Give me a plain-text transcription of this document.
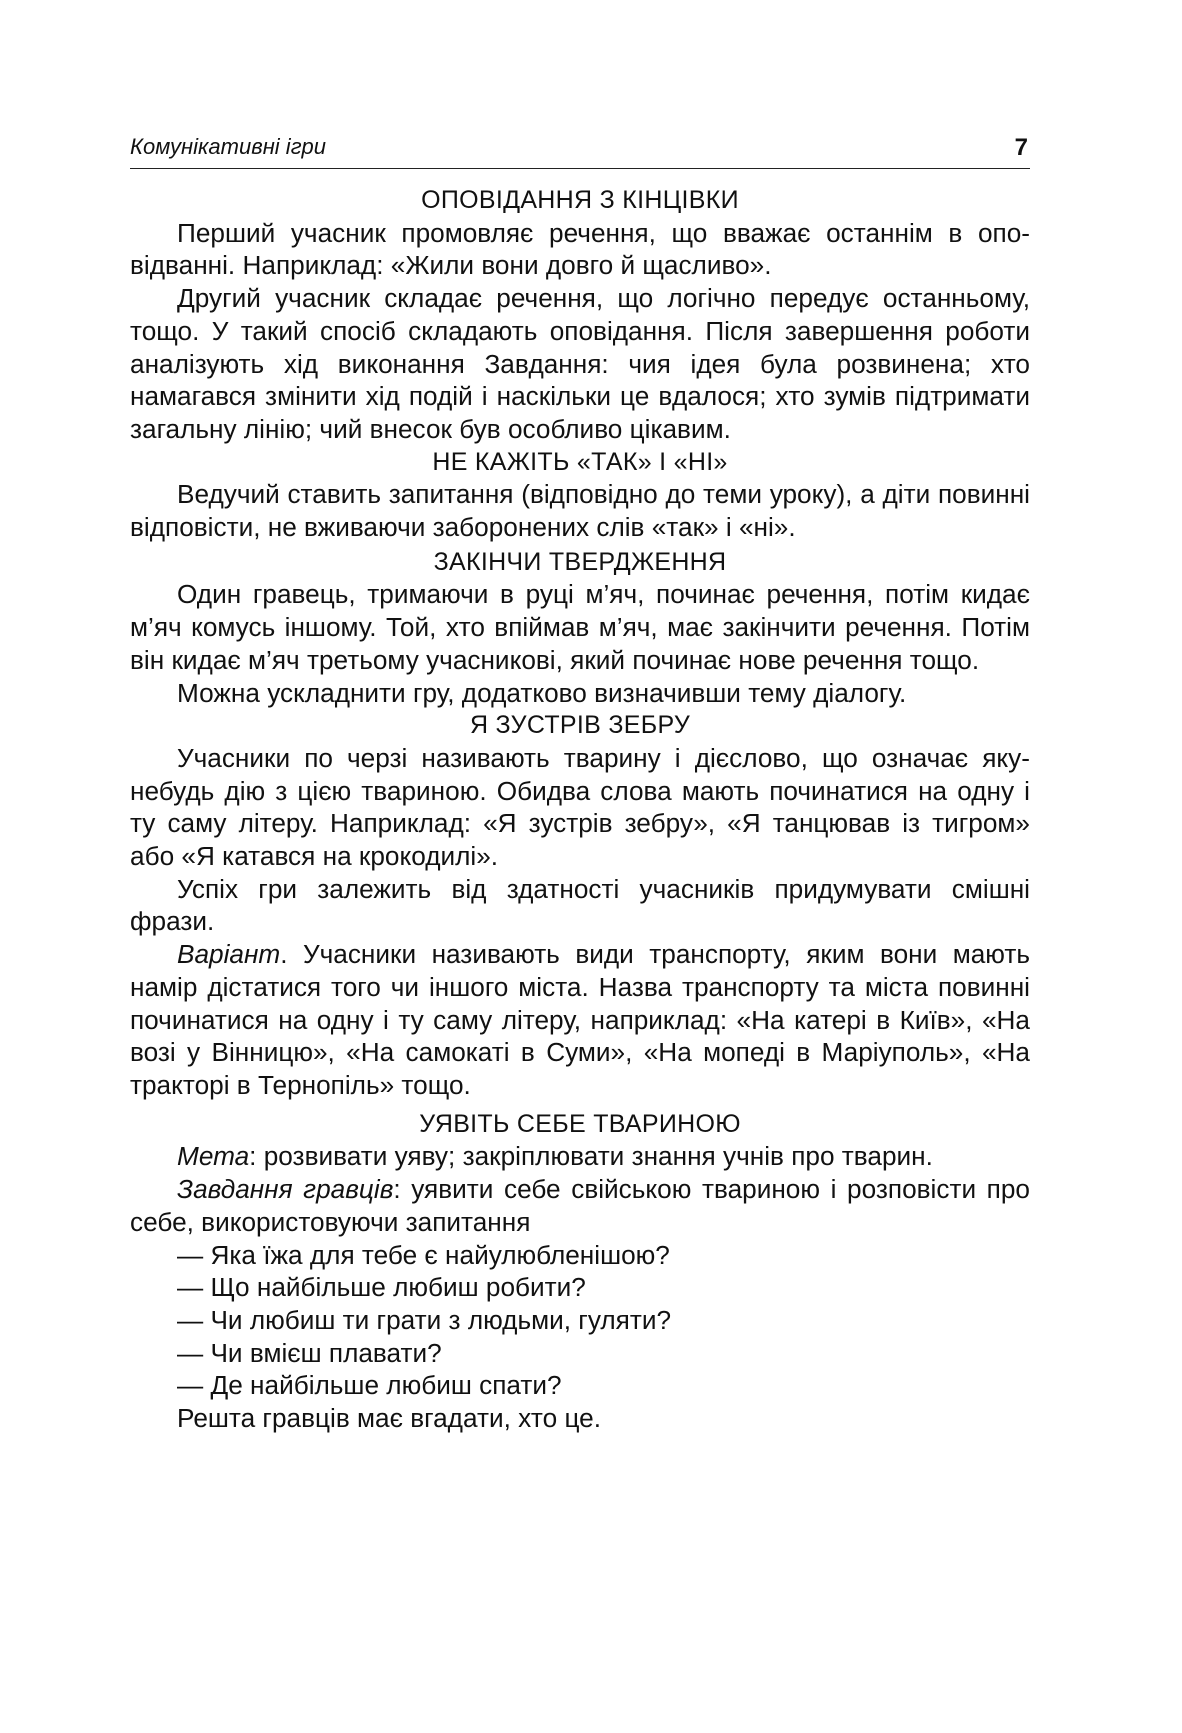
Комунікативні ігри	7
ОПОВІДАННЯ З КІНЦІВКИ

Перший учасник промовляє речення, що вважає останнім в оповідванні. Наприклад: «Жили вони довго й щасливо».

Другий учасник складає речення, що логічно передує останньому, тощо. У такий спосіб складають оповідання. Після завершення роботи аналізують хід виконання Завдання: чия ідея була розвинена; хто намагався змінити хід подій і наскільки це вдалося; хто зумів підтримати загальну лінію; чий внесок був особливо цікавим.

НЕ КАЖІТЬ «ТАК» І «НІ»

Ведучий ставить запитання (відповідно до теми уроку), а діти повинні відповісти, не вживаючи заборонених слів «так» і «ні».

ЗАКІНЧИ ТВЕРДЖЕННЯ

Один гравець, тримаючи в руці м’яч, починає речення, потім кидає м’яч комусь іншому. Той, хто впіймав м’яч, має закінчити речення. Потім він кидає м’яч третьому учасникові, який починає нове речення тощо.

Можна ускладнити гру, додатково визначивши тему діалогу.

Я ЗУСТРІВ ЗЕБРУ

Учасники по черзі називають тварину і дієслово, що означає яку-небудь дію з цією твариною. Обидва слова мають починатися на одну і ту саму літеру. Наприклад: «Я зустрів зебру», «Я танцював із тигром» або «Я катався на крокодилі».

Успіх гри залежить від здатності учасників придумувати смішні фрази.

Варіант. Учасники називають види транспорту, яким вони мають намір дістатися того чи іншого міста. Назва транспорту та міста повинні починатися на одну і ту саму літеру, наприклад: «На катері в Київ», «На возі у Вінницю», «На самокаті в Суми», «На мопеді в Маріуполь», «На тракторі в Тернопіль» тощо.

УЯВІТЬ СЕБЕ ТВАРИНОЮ

Мета: розвивати уяву; закріплювати знання учнів про тварин.

Завдання гравців: уявити себе свійською твариною і розповісти про себе, використовуючи запитання

— Яка їжа для тебе є найулюбленішою?
— Що найбільше любиш робити?
— Чи любиш ти грати з людьми, гуляти?
— Чи вмієш плавати?
— Де найбільше любиш спати?

Решта гравців має вгадати, хто це.
